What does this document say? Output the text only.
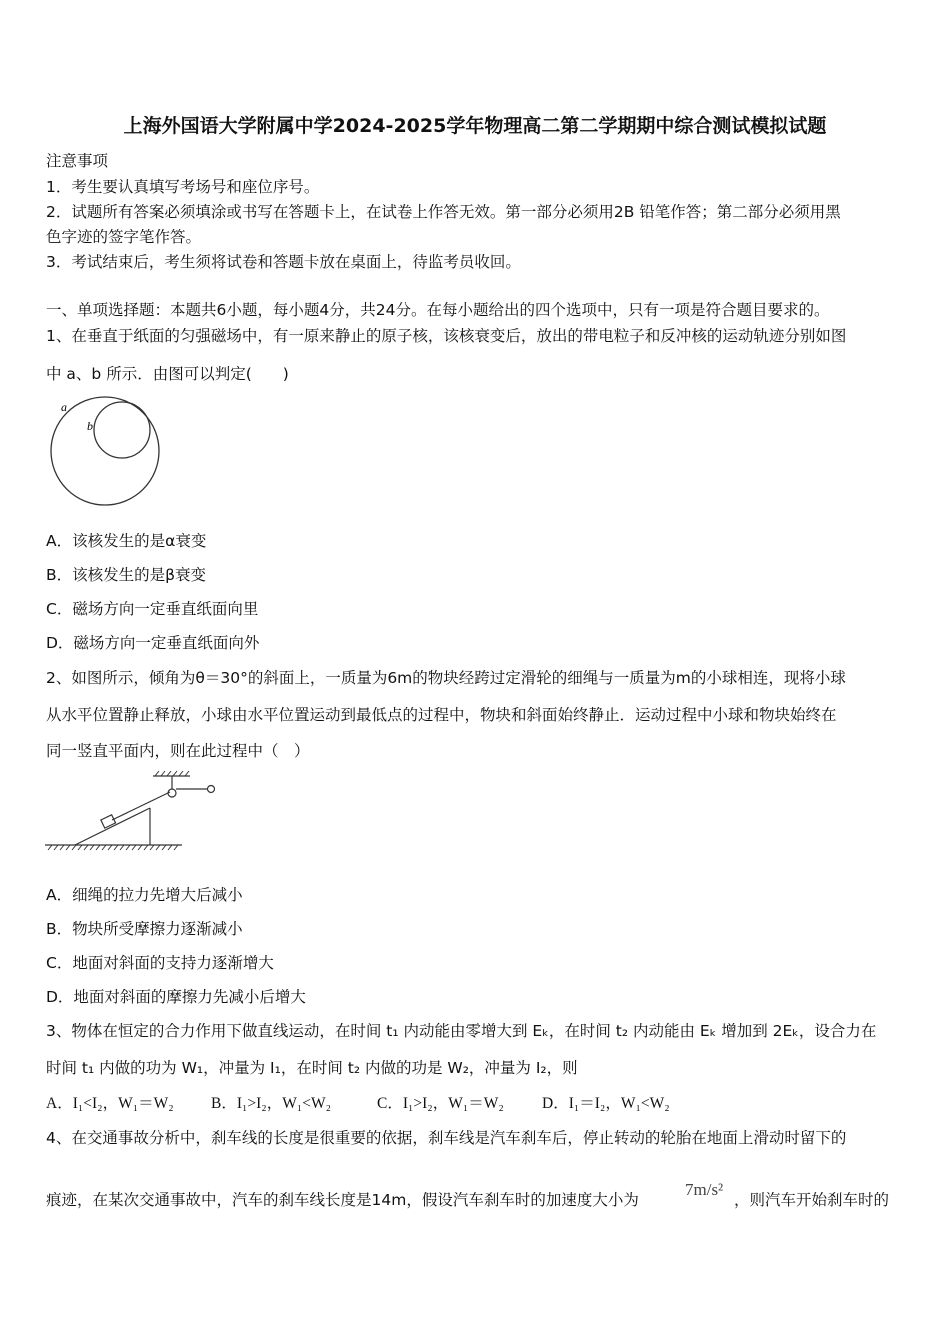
上海外国语大学附属中学2024-2025学年物理高二第二学期期中综合测试模拟试题
注意事项
1．考生要认真填写考场号和座位序号。
2．试题所有答案必须填涂或书写在答题卡上，在试卷上作答无效。第一部分必须用2B 铅笔作答；第二部分必须用黑
色字迹的签字笔作答。
3．考试结束后，考生须将试卷和答题卡放在桌面上，待监考员收回。
一、单项选择题：本题共6小题，每小题4分，共24分。在每小题给出的四个选项中，只有一项是符合题目要求的。
1、在垂直于纸面的匀强磁场中，有一原来静止的原子核，该核衰变后，放出的带电粒子和反冲核的运动轨迹分别如图
中 a、b 所示．由图可以判定(　　)
a
b
A．该核发生的是α衰变
B．该核发生的是β衰变
C．磁场方向一定垂直纸面向里
D．磁场方向一定垂直纸面向外
2、如图所示，倾角为θ＝30°的斜面上，一质量为6m的物块经跨过定滑轮的细绳与一质量为m的小球相连，现将小球
从水平位置静止释放，小球由水平位置运动到最低点的过程中，物块和斜面始终静止．运动过程中小球和物块始终在
同一竖直平面内，则在此过程中（　）
A．细绳的拉力先增大后减小
B．物块所受摩擦力逐渐减小
C．地面对斜面的支持力逐渐增大
D．地面对斜面的摩擦力先减小后增大
3、物体在恒定的合力作用下做直线运动，在时间 t₁ 内动能由零增大到 Eₖ，在时间 t₂ 内动能由 Eₖ 增加到 2Eₖ，设合力在
时间 t₁ 内做的功为 W₁，冲量为 I₁，在时间 t₂ 内做的功是 W₂，冲量为 I₂，则
A．I₁<I₂，W₁＝W₂ B．I₁>I₂，W₁<W₂	C．I₁>I₂，W₁＝W₂ D．I₁＝I₂，W₁<W₂
4、在交通事故分析中，刹车线的长度是很重要的依据，刹车线是汽车刹车后，停止转动的轮胎在地面上滑动时留下的
痕迹，在某次交通事故中，汽车的刹车线长度是14m，假设汽车刹车时的加速度大小为
7m/s²
，则汽车开始刹车时的
